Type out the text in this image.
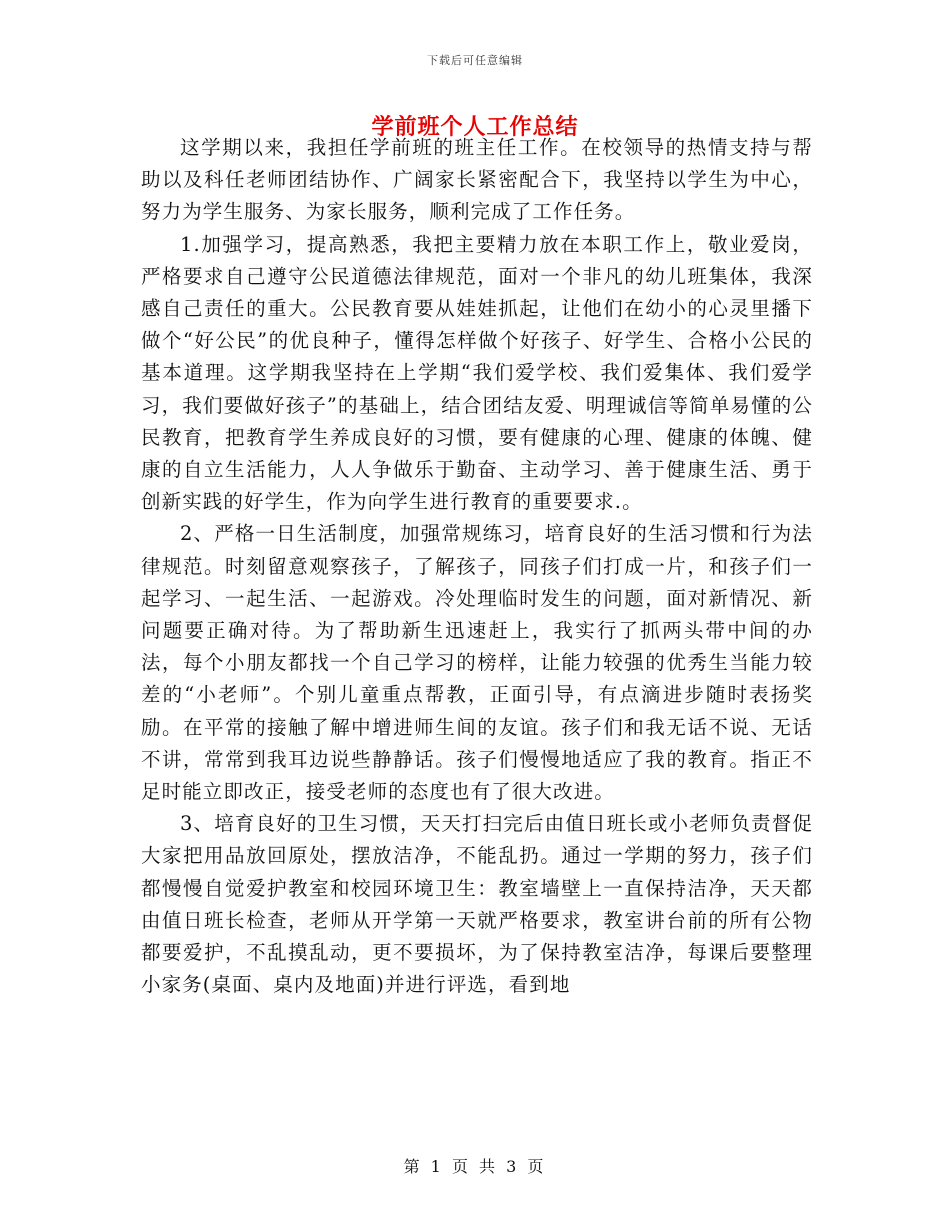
下载后可任意编辑
学前班个人工作总结

这学期以来，我担任学前班的班主任工作。在校领导的热情支持与帮助以及科任老师团结协作、广阔家长紧密配合下，我坚持以学生为中心，努力为学生服务、为家长服务，顺利完成了工作任务。

1.加强学习，提高熟悉，我把主要精力放在本职工作上，敬业爱岗，严格要求自己遵守公民道德法律规范，面对一个非凡的幼儿班集体，我深感自己责任的重大。公民教育要从娃娃抓起，让他们在幼小的心灵里播下做个“好公民”的优良种子，懂得怎样做个好孩子、好学生、合格小公民的基本道理。这学期我坚持在上学期“我们爱学校、我们爱集体、我们爱学习，我们要做好孩子”的基础上，结合团结友爱、明理诚信等简单易懂的公民教育，把教育学生养成良好的习惯，要有健康的心理、健康的体魄、健康的自立生活能力，人人争做乐于勤奋、主动学习、善于健康生活、勇于创新实践的好学生，作为向学生进行教育的重要要求.。

2、严格一日生活制度，加强常规练习，培育良好的生活习惯和行为法律规范。时刻留意观察孩子，了解孩子，同孩子们打成一片，和孩子们一起学习、一起生活、一起游戏。冷处理临时发生的问题，面对新情况、新问题要正确对待。为了帮助新生迅速赶上，我实行了抓两头带中间的办法，每个小朋友都找一个自己学习的榜样，让能力较强的优秀生当能力较差的“小老师”。个别儿童重点帮教，正面引导，有点滴进步随时表扬奖励。在平常的接触了解中增进师生间的友谊。孩子们和我无话不说、无话不讲，常常到我耳边说些静静话。孩子们慢慢地适应了我的教育。指正不足时能立即改正，接受老师的态度也有了很大改进。

3、培育良好的卫生习惯，天天打扫完后由值日班长或小老师负责督促大家把用品放回原处，摆放洁净，不能乱扔。通过一学期的努力，孩子们都慢慢自觉爱护教室和校园环境卫生：教室墙壁上一直保持洁净，天天都由值日班长检查，老师从开学第一天就严格要求，教室讲台前的所有公物都要爱护，不乱摸乱动，更不要损坏，为了保持教室洁净，每课后要整理小家务(桌面、桌内及地面)并进行评选，看到地

第 1 页 共 3 页
